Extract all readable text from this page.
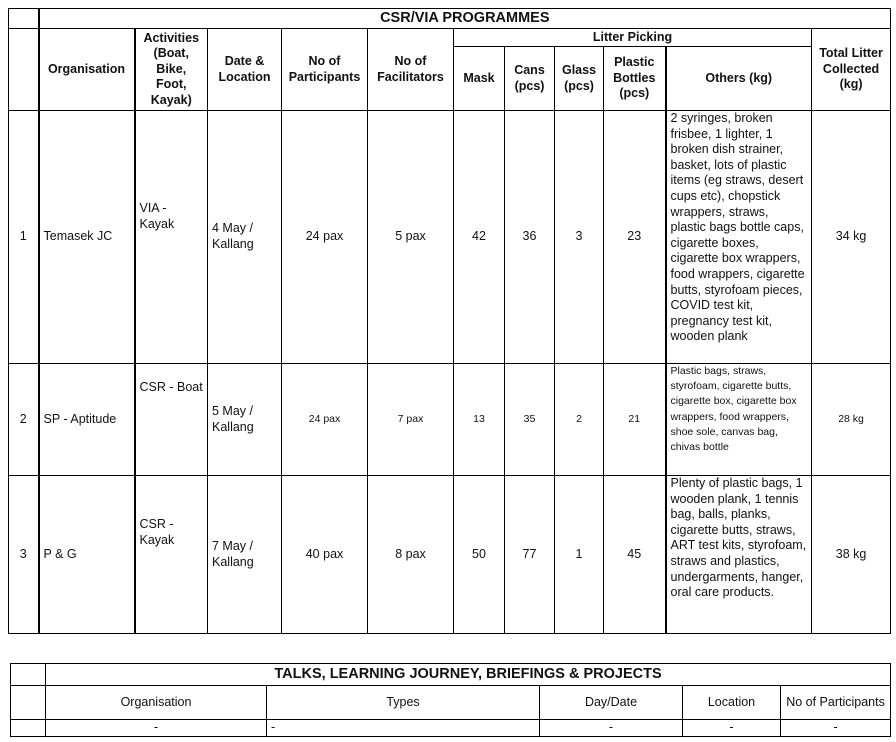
	CSR/VIA PROGRAMMES										
	Organisation	Activities (Boat, Bike, Foot, Kayak)	Date & Location	No of Participants	No of Facilitators	Litter Picking					Total Litter Collected (kg)
						Mask	Cans (pcs)	Glass (pcs)	Plastic Bottles (pcs)	Others (kg)	
1	Temasek JC	VIA - Kayak	4 May / Kallang	24 pax	5 pax	42	36	3	23	2 syringes, broken frisbee, 1 lighter, 1 broken dish strainer, basket, lots of plastic items (eg straws, desert cups etc), chopstick wrappers, straws, plastic bags bottle caps, cigarette boxes, cigarette box wrappers, food wrappers, cigarette butts, styrofoam pieces, COVID test kit, pregnancy test kit, wooden plank	34 kg
2	SP - Aptitude	CSR - Boat	5 May / Kallang	24 pax	7 pax	13	35	2	21	Plastic bags, straws, styrofoam, cigarette butts, cigarette box, cigarette box wrappers, food wrappers, shoe sole, canvas bag, chivas bottle	28 kg
3	P & G	CSR - Kayak	7 May / Kallang	40 pax	8 pax	50	77	1	45	Plenty of plastic bags, 1 wooden plank, 1 tennis bag, balls, planks, cigarette butts, straws, ART test kits, styrofoam, straws and plastics, undergarments, hanger, oral care products.	38 kg
	TALKS, LEARNING JOURNEY, BRIEFINGS & PROJECTS				
	Organisation	Types	Day/Date	Location	No of Participants
	-	-	-	-	-
